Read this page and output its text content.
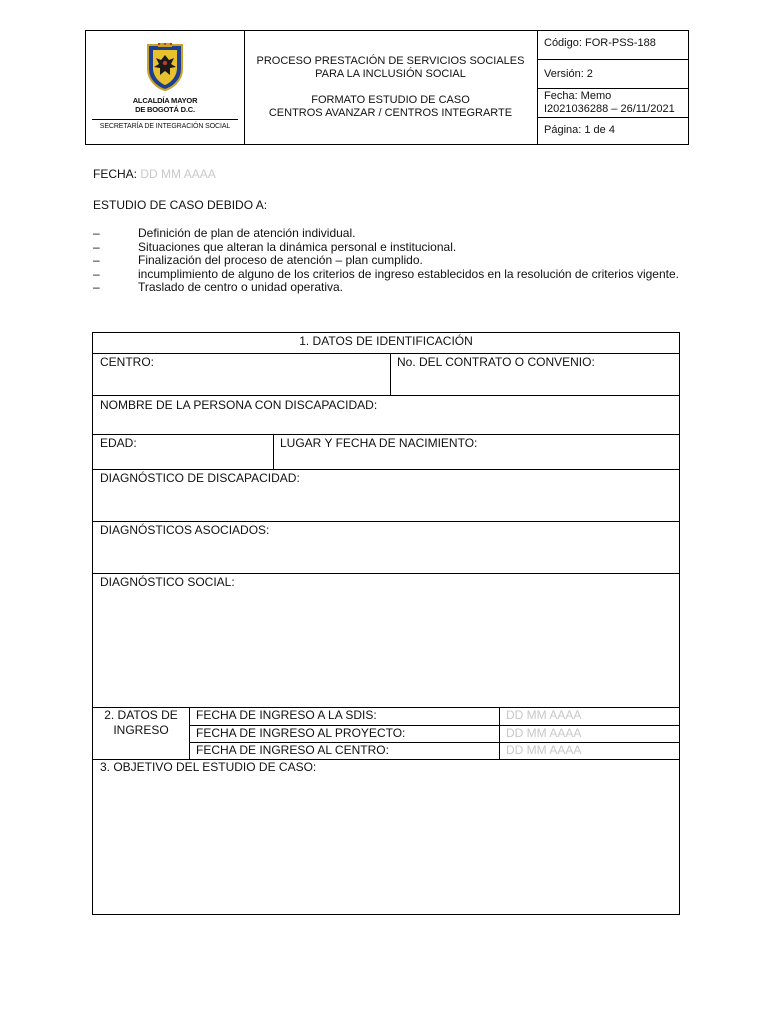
ALCALDÍA MAYOR
DE BOGOTÁ D.C.
SECRETARÍA DE INTEGRACIÓN SOCIAL
PROCESO PRESTACIÓN DE SERVICIOS SOCIALES
PARA LA INCLUSIÓN SOCIAL
FORMATO ESTUDIO DE CASO
CENTROS AVANZAR / CENTROS INTEGRARTE
Código: FOR-PSS-188
Versión: 2
Fecha: Memo
I2021036288 – 26/11/2021
Página: 1 de 4
FECHA: DD MM AAAA
ESTUDIO DE CASO DEBIDO A:
–	Definición de plan de atención individual.
–	Situaciones que alteran la dinámica personal e institucional.
–	Finalización del proceso de atención – plan cumplido.
–	incumplimiento de alguno de los criterios de ingreso establecidos en la resolución de criterios vigente.
–	Traslado de centro o unidad operativa.
1. DATOS DE IDENTIFICACIÓN
CENTRO:	No. DEL CONTRATO O CONVENIO:
NOMBRE DE LA PERSONA CON DISCAPACIDAD:
EDAD:	LUGAR Y FECHA DE NACIMIENTO:
DIAGNÓSTICO DE DISCAPACIDAD:
DIAGNÓSTICOS ASOCIADOS:
DIAGNÓSTICO SOCIAL:
2. DATOS DE
INGRESO
FECHA DE INGRESO A LA SDIS:	DD MM AAAA
FECHA DE INGRESO AL PROYECTO:	DD MM AAAA
FECHA DE INGRESO AL CENTRO:	DD MM AAAA
3. OBJETIVO DEL ESTUDIO DE CASO:
